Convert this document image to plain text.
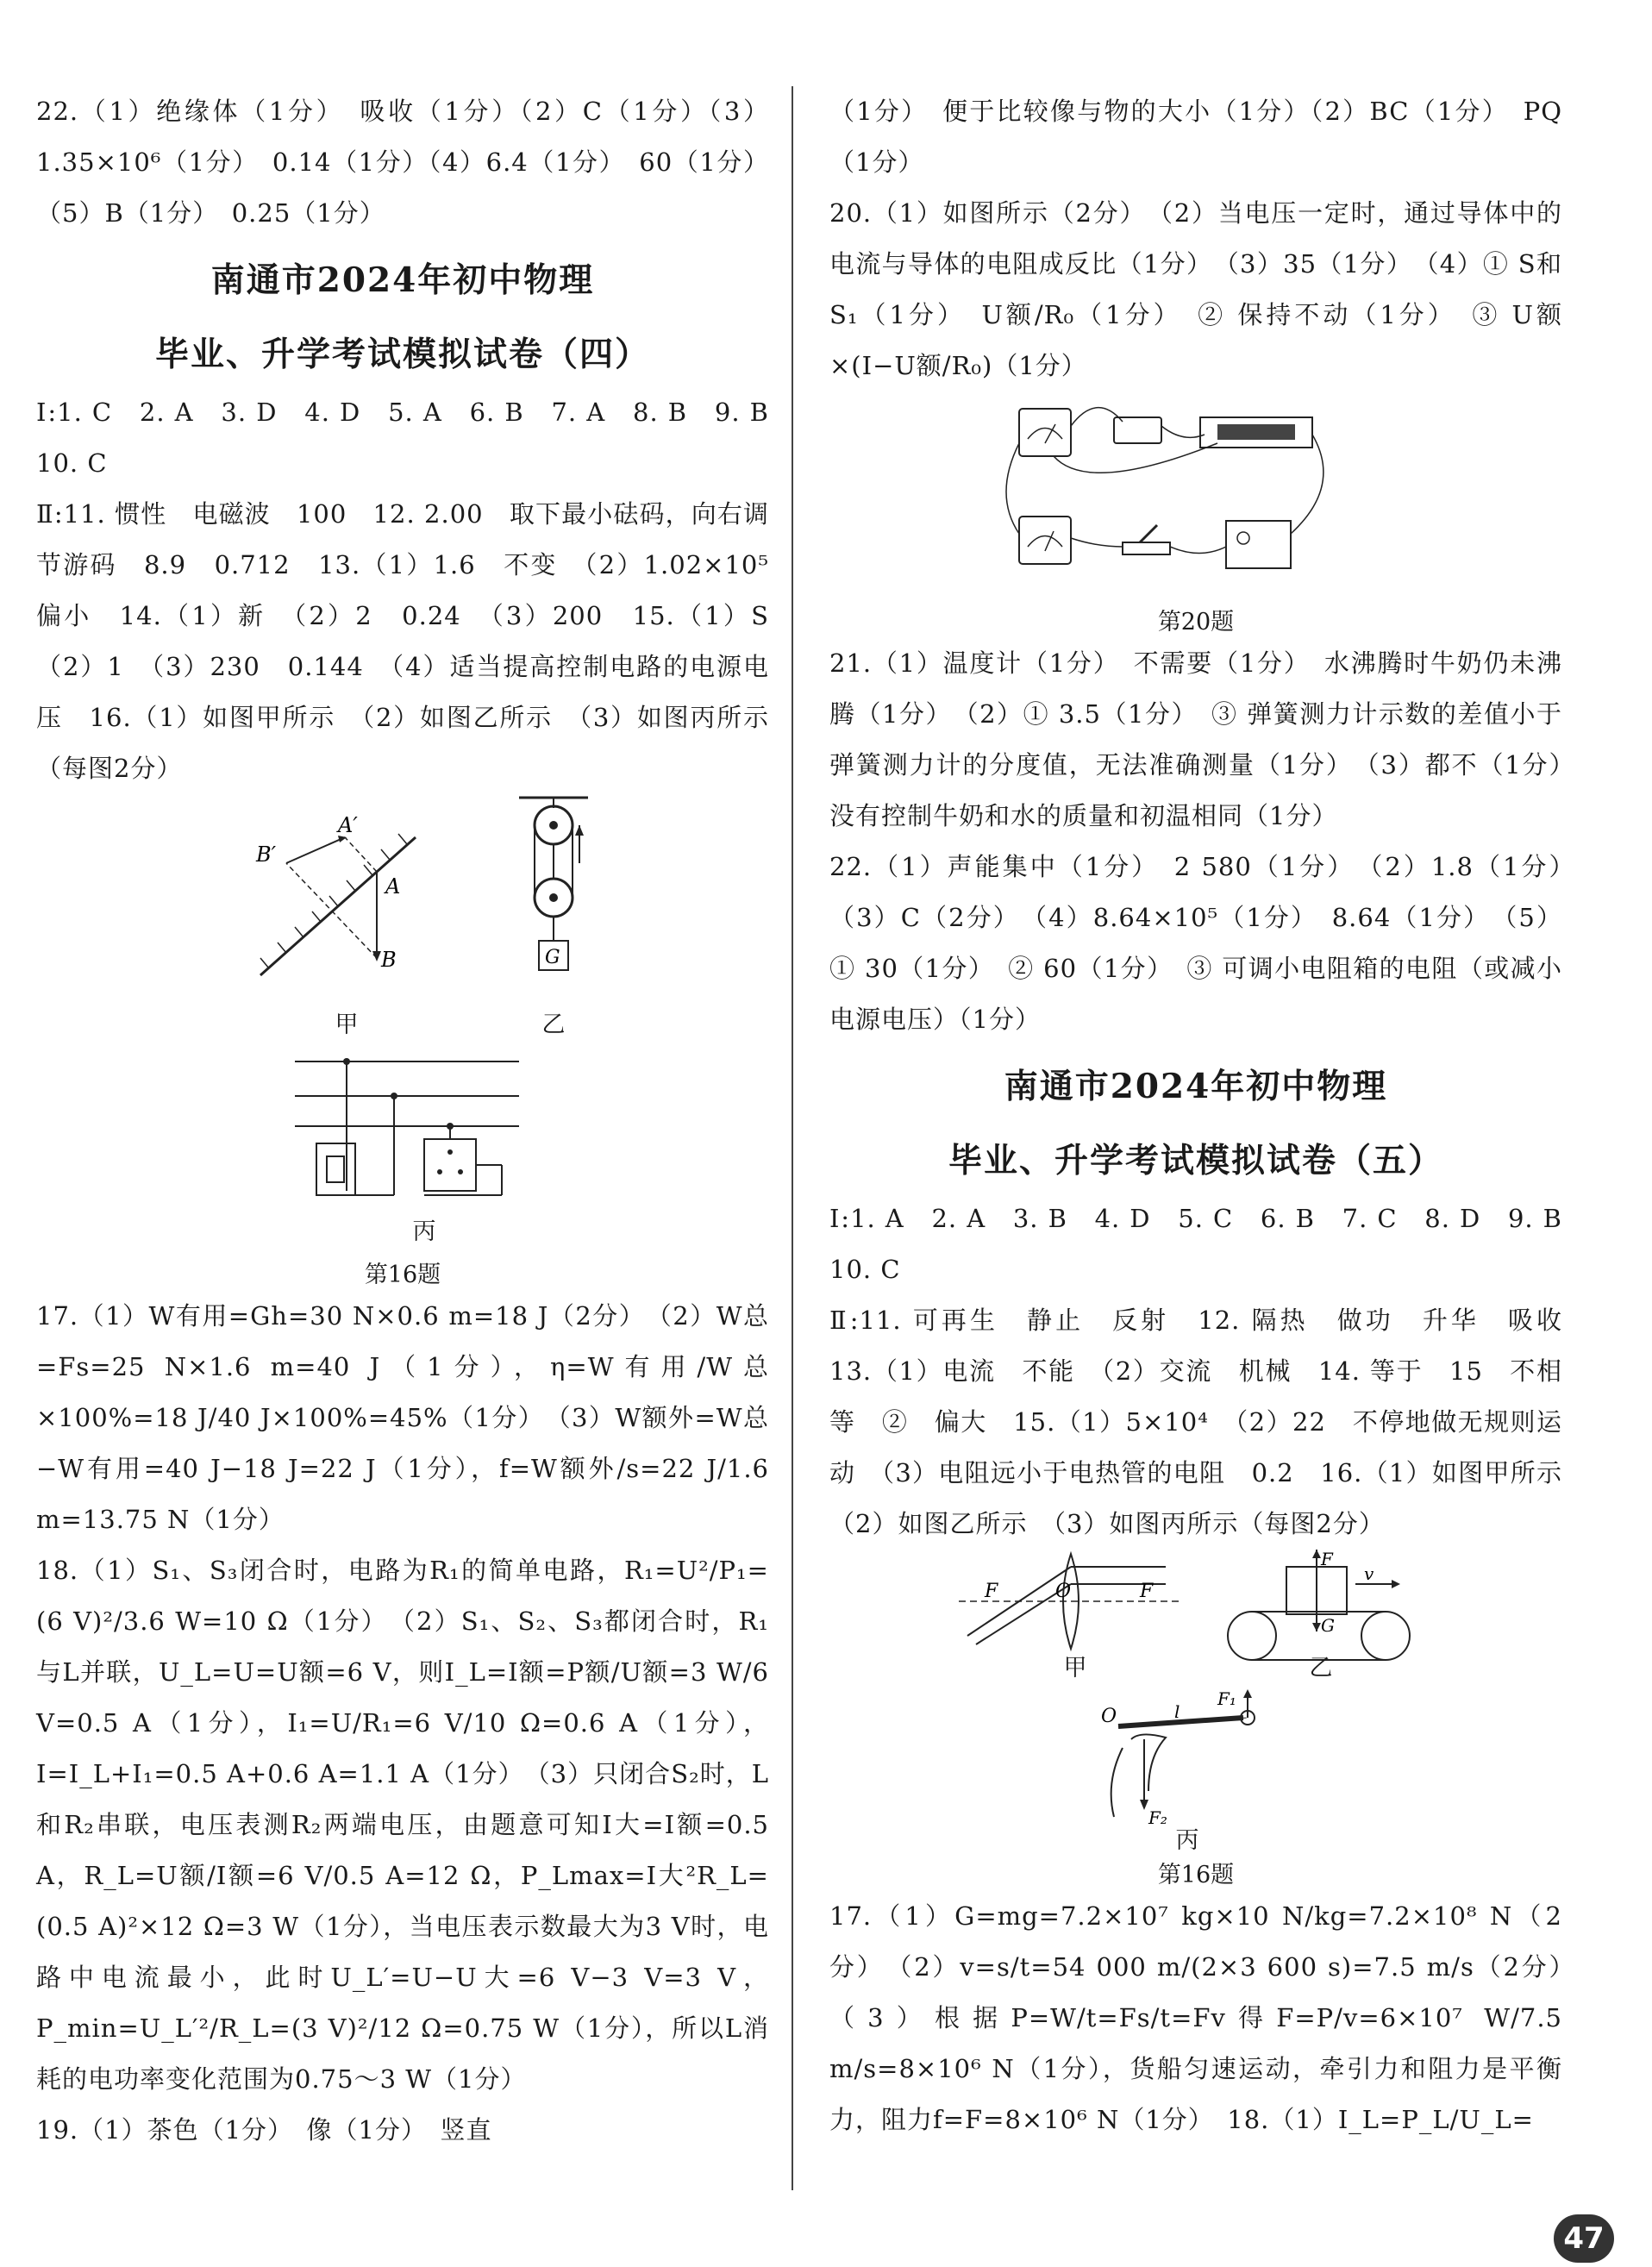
22.（1）绝缘体（1分）　吸收（1分）（2）C（1分）（3）1.35×10⁶（1分）　0.14（1分）（4）6.4（1分）　60（1分）（5）B（1分）　0.25（1分）

南通市2024年初中物理
毕业、升学考试模拟试卷（四）

Ⅰ:1. C　2. A　3. D　4. D　5. A　6. B　7. A　8. B　9. B　10. C

Ⅱ:11. 惯性　电磁波　100　12. 2.00　取下最小砝码，向右调节游码　8.9　0.712　13.（1）1.6　不变　（2）1.02×10⁵　偏小　14.（1）新　（2）2　0.24　（3）200　15.（1）S　（2）1　（3）230　0.144　（4）适当提高控制电路的电源电压　16.（1）如图甲所示　（2）如图乙所示　（3）如图丙所示（每图2分）

B′
A′
A
B
甲
G
乙
丙

第16题

17.（1）W有用=Gh=30 N×0.6 m=18 J（2分）　（2）W总=Fs=25 N×1.6 m=40 J（1分），η=W有用/W总×100%=18 J/40 J×100%=45%（1分）　（3）W额外=W总−W有用=40 J−18 J=22 J（1分），f=W额外/s=22 J/1.6 m=13.75 N（1分）

18.（1）S₁、S₃闭合时，电路为R₁的简单电路，R₁=U²/P₁=(6 V)²/3.6 W=10 Ω（1分）　（2）S₁、S₂、S₃都闭合时，R₁与L并联，U_L=U=U额=6 V，则I_L=I额=P额/U额=3 W/6 V=0.5 A（1分），I₁=U/R₁=6 V/10 Ω=0.6 A（1分），I=I_L+I₁=0.5 A+0.6 A=1.1 A（1分）　（3）只闭合S₂时，L和R₂串联，电压表测R₂两端电压，由题意可知I大=I额=0.5 A，R_L=U额/I额=6 V/0.5 A=12 Ω，P_Lmax=I大²R_L=(0.5 A)²×12 Ω=3 W（1分），当电压表示数最大为3 V时，电路中电流最小，此时U_L′=U−U大=6 V−3 V=3 V，P_min=U_L′²/R_L=(3 V)²/12 Ω=0.75 W（1分），所以L消耗的电功率变化范围为0.75～3 W（1分）

19.（1）茶色（1分）　像（1分）　竖直

（1分）　便于比较像与物的大小（1分）（2）BC（1分）　PQ（1分）

20.（1）如图所示（2分）　（2）当电压一定时，通过导体中的电流与导体的电阻成反比（1分）　（3）35（1分）　（4）① S和S₁（1分）　U额/R₀（1分）　② 保持不动（1分）　③ U额×(I−U额/R₀)（1分）

第20题

21.（1）温度计（1分）　不需要（1分）　水沸腾时牛奶仍未沸腾（1分）　（2）① 3.5（1分）　③ 弹簧测力计示数的差值小于弹簧测力计的分度值，无法准确测量（1分）　（3）都不（1分）　没有控制牛奶和水的质量和初温相同（1分）

22.（1）声能集中（1分）　2 580（1分）　（2）1.8（1分）　（3）C（2分）　（4）8.64×10⁵（1分）　8.64（1分）　（5）① 30（1分）　② 60（1分）　③ 可调小电阻箱的电阻（或减小电源电压）（1分）

南通市2024年初中物理
毕业、升学考试模拟试卷（五）

Ⅰ:1. A　2. A　3. B　4. D　5. C　6. B　7. C　8. D　9. B　10. C

Ⅱ:11. 可再生　静止　反射　12. 隔热　做功　升华　吸收　13.（1）电流　不能　（2）交流　机械　14. 等于　15　不相等　②　偏大　15.（1）5×10⁴　（2）22　不停地做无规则运动　（3）电阻远小于电热管的电阻　0.2　16.（1）如图甲所示　（2）如图乙所示　（3）如图丙所示（每图2分）

F	O	F
甲
F
G
v
乙
O
F₁
l
F₂
丙

第16题

17.（1）G=mg=7.2×10⁷ kg×10 N/kg=7.2×10⁸ N（2分）　（2）v=s/t=54 000 m/(2×3 600 s)=7.5 m/s（2分）　（3）根据P=W/t=Fs/t=Fv得F=P/v=6×10⁷ W/7.5 m/s=8×10⁶ N（1分），货船匀速运动，牵引力和阻力是平衡力，阻力f=F=8×10⁶ N（1分）　18.（1）I_L=P_L/U_L=

47
